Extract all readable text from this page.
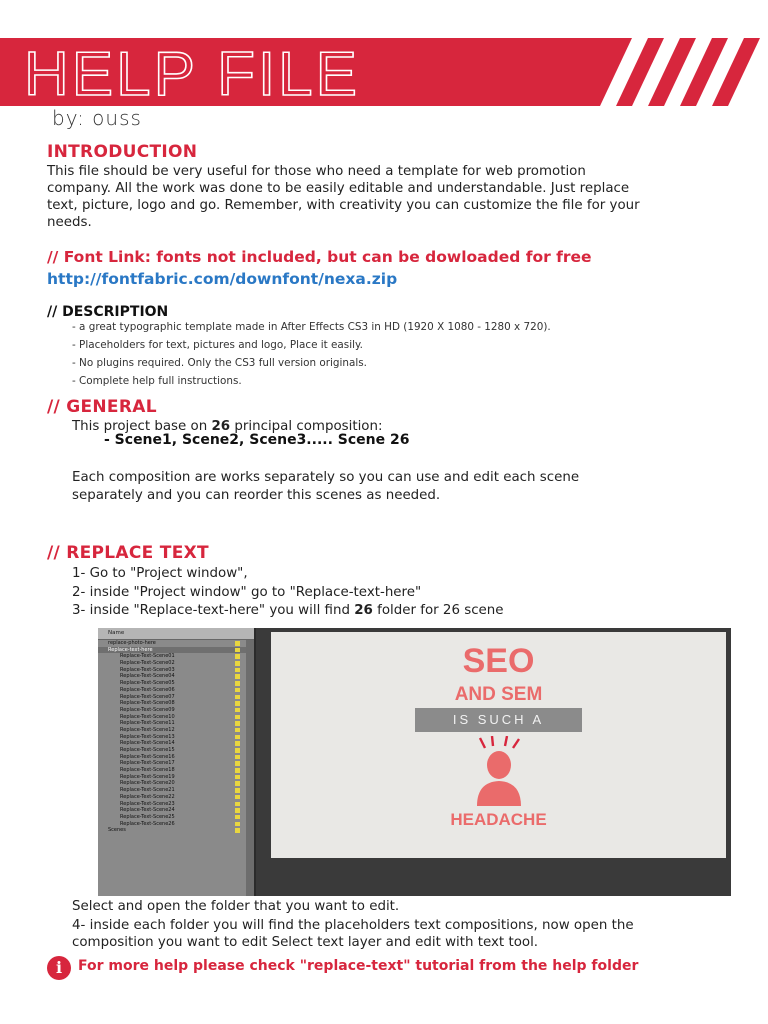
HELP FILE
by: ouss
INTRODUCTION
This file should be very useful for those who need a template for web promotion
company. All the work was done to be easily editable and understandable. Just replace
text, picture, logo and go. Remember, with creativity you can customize the file for your
needs.
// Font Link: fonts not included, but can be dowloaded for free
http://fontfabric.com/downfont/nexa.zip
// DESCRIPTION
- a great typographic template made in After Effects CS3 in HD (1920 X 1080 - 1280 x 720).
- Placeholders for text, pictures and logo, Place it easily.
- No plugins required. Only the CS3 full version originals.
- Complete help full instructions.
// GENERAL
This project base on 26 principal composition:
- Scene1, Scene2, Scene3..... Scene 26
Each composition are works separately so you can use and edit each scene
separately and you can reorder this scenes as needed.
// REPLACE TEXT
1- Go to "Project window",
2- inside "Project window" go to "Replace-text-here"
3- inside "Replace-text-here" you will find 26 folder for 26 scene
Name
replace-photo-here
Replace-text-here
Replace-Text-Scene01
Replace-Text-Scene02
Replace-Text-Scene03
Replace-Text-Scene04
Replace-Text-Scene05
Replace-Text-Scene06
Replace-Text-Scene07
Replace-Text-Scene08
Replace-Text-Scene09
Replace-Text-Scene10
Replace-Text-Scene11
Replace-Text-Scene12
Replace-Text-Scene13
Replace-Text-Scene14
Replace-Text-Scene15
Replace-Text-Scene16
Replace-Text-Scene17
Replace-Text-Scene18
Replace-Text-Scene19
Replace-Text-Scene20
Replace-Text-Scene21
Replace-Text-Scene22
Replace-Text-Scene23
Replace-Text-Scene24
Replace-Text-Scene25
Replace-Text-Scene26
Scenes
SEO
AND SEM
IS SUCH A
HEADACHE
Select and open the folder that you want to edit.
4- inside each folder you will find the placeholders text compositions, now open the
composition you want to edit Select text layer and edit with text tool.
i	For more help please check "replace-text" tutorial from the help folder
